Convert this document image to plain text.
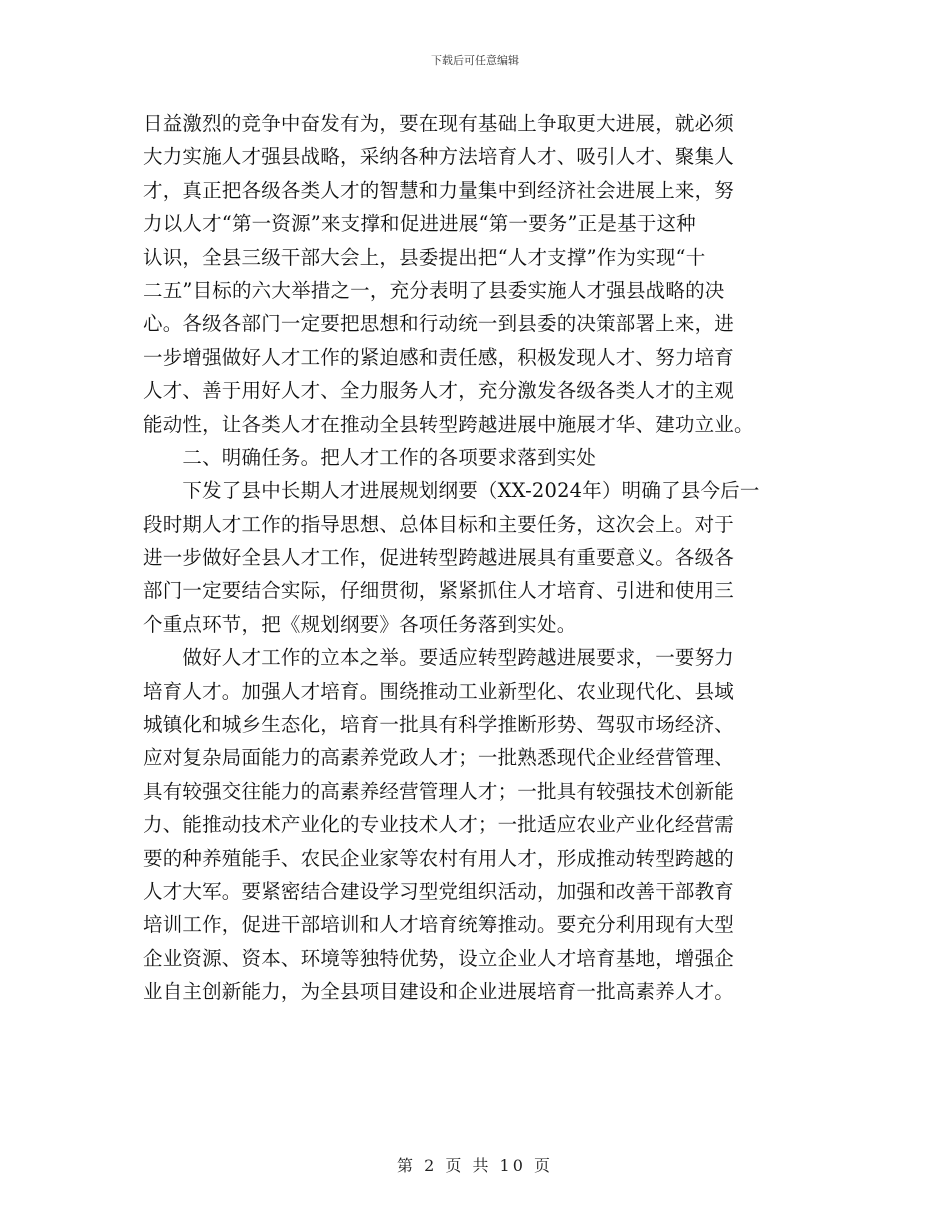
下载后可任意编辑
日益激烈的竞争中奋发有为，要在现有基础上争取更大进展，就必须
大力实施人才强县战略，采纳各种方法培育人才、吸引人才、聚集人
才，真正把各级各类人才的智慧和力量集中到经济社会进展上来，努
力以人才“第一资源”来支撑和促进进展“第一要务”正是基于这种
认识，全县三级干部大会上，县委提出把“人才支撑”作为实现“十
二五”目标的六大举措之一，充分表明了县委实施人才强县战略的决
心。各级各部门一定要把思想和行动统一到县委的决策部署上来，进
一步增强做好人才工作的紧迫感和责任感，积极发现人才、努力培育
人才、善于用好人才、全力服务人才，充分激发各级各类人才的主观
能动性，让各类人才在推动全县转型跨越进展中施展才华、建功立业。
　　二、明确任务。把人才工作的各项要求落到实处
　　下发了县中长期人才进展规划纲要（XX-2024年）明确了县今后一
段时期人才工作的指导思想、总体目标和主要任务，这次会上。对于
进一步做好全县人才工作，促进转型跨越进展具有重要意义。各级各
部门一定要结合实际，仔细贯彻，紧紧抓住人才培育、引进和使用三
个重点环节，把《规划纲要》各项任务落到实处。
　　做好人才工作的立本之举。要适应转型跨越进展要求，一要努力
培育人才。加强人才培育。围绕推动工业新型化、农业现代化、县域
城镇化和城乡生态化，培育一批具有科学推断形势、驾驭市场经济、
应对复杂局面能力的高素养党政人才；一批熟悉现代企业经营管理、
具有较强交往能力的高素养经营管理人才；一批具有较强技术创新能
力、能推动技术产业化的专业技术人才；一批适应农业产业化经营需
要的种养殖能手、农民企业家等农村有用人才，形成推动转型跨越的
人才大军。要紧密结合建设学习型党组织活动，加强和改善干部教育
培训工作，促进干部培训和人才培育统筹推动。要充分利用现有大型
企业资源、资本、环境等独特优势，设立企业人才培育基地，增强企
业自主创新能力，为全县项目建设和企业进展培育一批高素养人才。
第 2 页 共 10 页
